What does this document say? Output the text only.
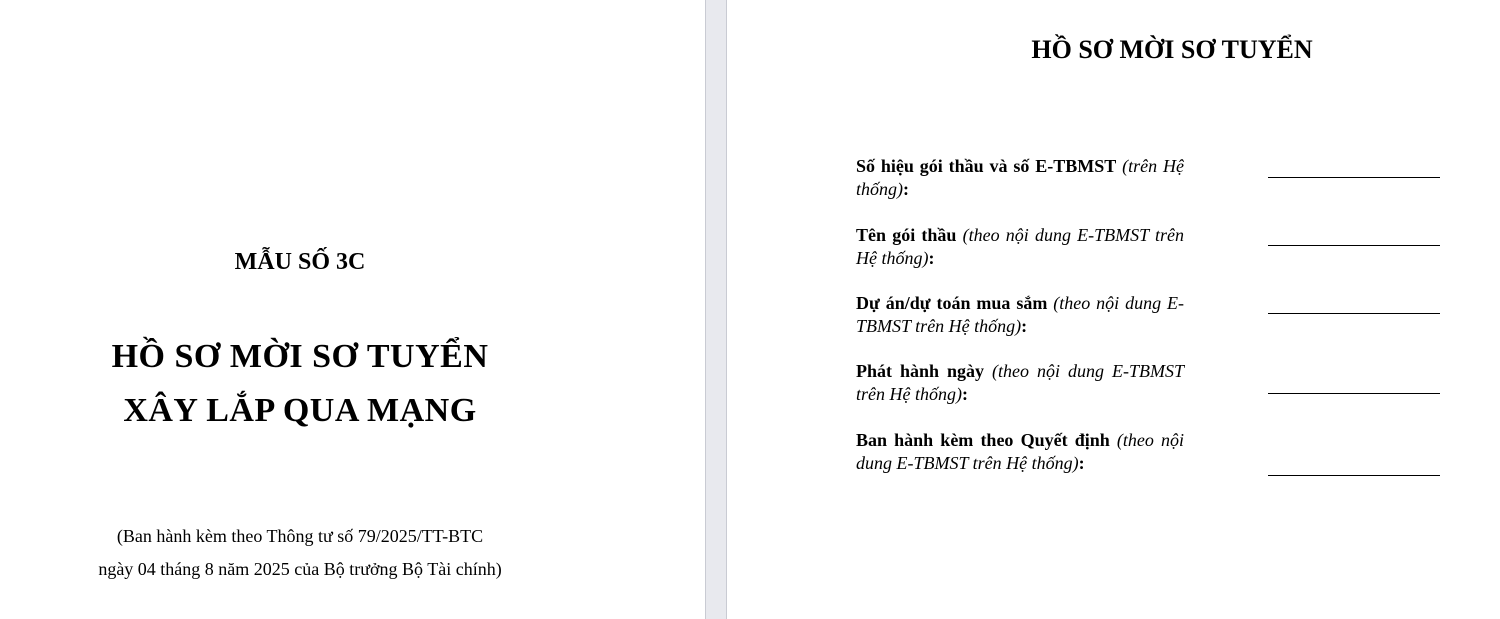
MẪU SỐ 3C
HỒ SƠ MỜI SƠ TUYỂN
XÂY LẮP QUA MẠNG
(Ban hành kèm theo Thông tư số 79/2025/TT-BTC
ngày 04 tháng 8 năm 2025 của Bộ trưởng Bộ Tài chính)
HỒ SƠ MỜI SƠ TUYỂN
Số hiệu gói thầu và số E-TBMST (trên Hệ thống):
Tên gói thầu (theo nội dung E-TBMST trên Hệ thống):
Dự án/dự toán mua sắm (theo nội dung E-TBMST trên Hệ thống):
Phát hành ngày (theo nội dung E-TBMST trên Hệ thống):
Ban hành kèm theo Quyết định (theo nội dung E-TBMST trên Hệ thống):
